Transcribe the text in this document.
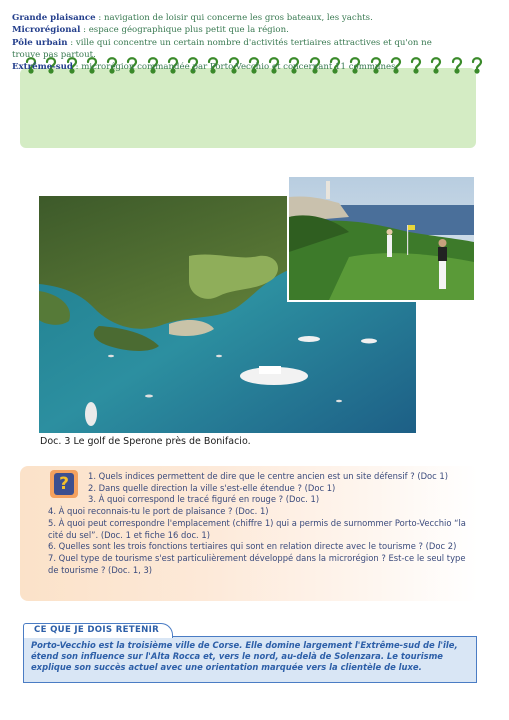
Grande plaisance : navigation de loisir qui concerne les gros bateaux, les yachts.
Microrégional : espace géographique plus petit que la région.
Pôle urbain : ville qui concentre un certain nombre d'activités tertiaires attractives et qu'on ne trouve pas partout.
Extrême-sud : microrégion commandée par Porto-Vecchio et concernant 11 communes.
Doc. 3 Le golf de Sperone près de Bonifacio.
?	1. Quels indices permettent de dire que le centre ancien est un site défensif ? (Doc 1)

2. Dans quelle direction la ville s'est-elle étendue ? (Doc 1)

3. À quoi correspond le tracé figuré en rouge ? (Doc. 1)

4. À quoi reconnais-tu le port de plaisance ? (Doc. 1)

5. À quoi peut correspondre l'emplacement (chiffre 1) qui a permis de surnommer Porto-Vecchio “la cité du sel”. (Doc. 1 et fiche 16 doc. 1)

6. Quelles sont les trois fonctions tertiaires qui sont en relation directe avec le tourisme ? (Doc 2)

7. Quel type de tourisme s'est particulièrement développé dans la microrégion ? Est-ce le seul type de tourisme ? (Doc. 1, 3)

CE QUE JE DOIS RETENIR
Porto-Vecchio est la troisième ville de Corse. Elle domine largement l'Extrême-sud de l'île, étend son influence sur l'Alta Rocca et, vers le nord, au-delà de Solenzara. Le tourisme explique son succès actuel avec une orientation marquée vers la clientèle de luxe.
